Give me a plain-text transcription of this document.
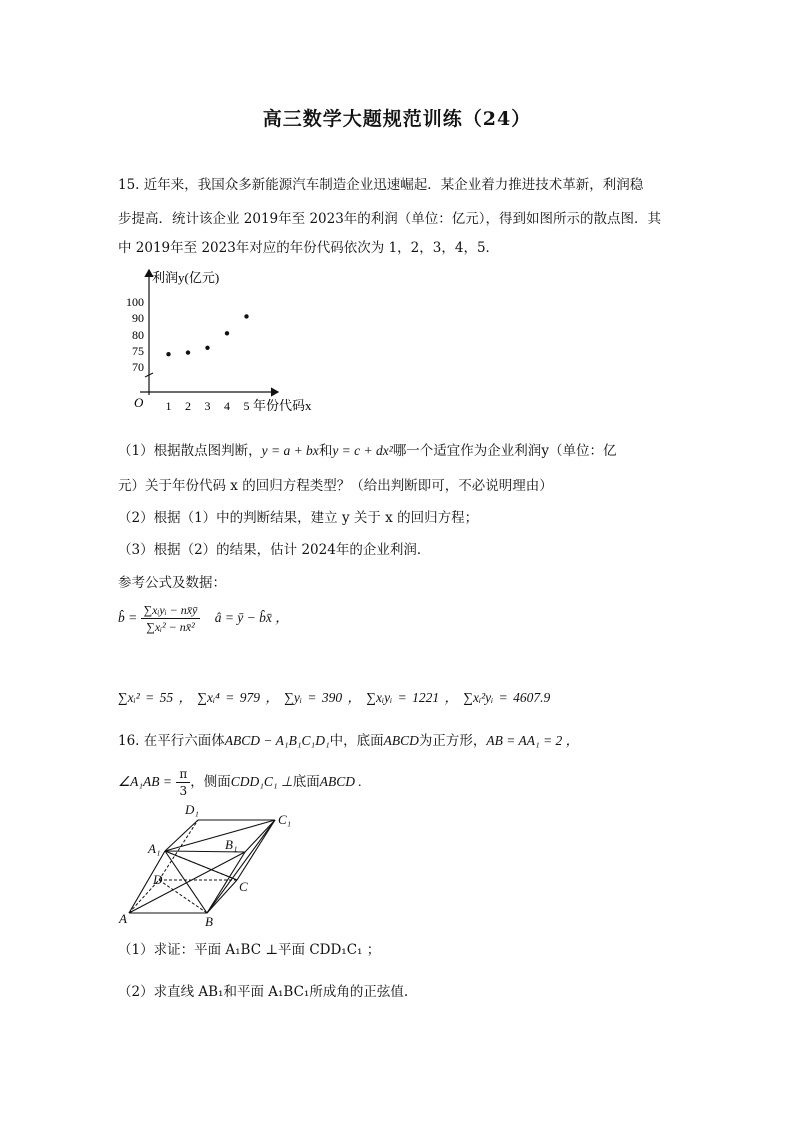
高三数学大题规范训练（24）
15. 近年来，我国众多新能源汽车制造企业迅速崛起．某企业着力推进技术革新，利润稳
步提高．统计该企业 2019年至 2023年的利润（单位：亿元），得到如图所示的散点图．其
中 2019年至 2023年对应的年份代码依次为 1，2，3，4，5．
利润y(亿元)
年份代码x
O
70
75
80
90
100
1 2 3 4 5
（1）根据散点图判断，y = a + bx和y = c + dx²哪一个适宜作为企业利润y（单位：亿
元）关于年份代码 x 的回归方程类型？（给出判断即可，不必说明理由）
（2）根据（1）中的判断结果，建立 y 关于 x 的回归方程；
（3）根据（2）的结果，估计 2024年的企业利润．
参考公式及数据：
b̂ = $\frac{\text{∑xᵢyᵢ − nx̄ȳ}}{\text{∑xᵢ² − nx̄²}}$ â = ȳ − b̂x̄ ，
∑xᵢ² = 55 ， ∑xᵢ⁴ = 979 ， ∑yᵢ = 390 ， ∑xᵢyᵢ = 1221 ， ∑xᵢ²yᵢ = 4607.9
16. 在平行六面体ABCD − A₁B₁C₁D₁中，底面ABCD为正方形，AB = AA₁ = 2 ，
∠A₁AB = $\frac{\pi}{3}$ ，侧面CDD₁C₁ ⊥底面ABCD .
D₁
C₁
A₁	B₁
D	C
A	B
（1）求证：平面 A₁BC ⊥平面 CDD₁C₁ ；
（2）求直线 AB₁和平面 A₁BC₁所成角的正弦值.
